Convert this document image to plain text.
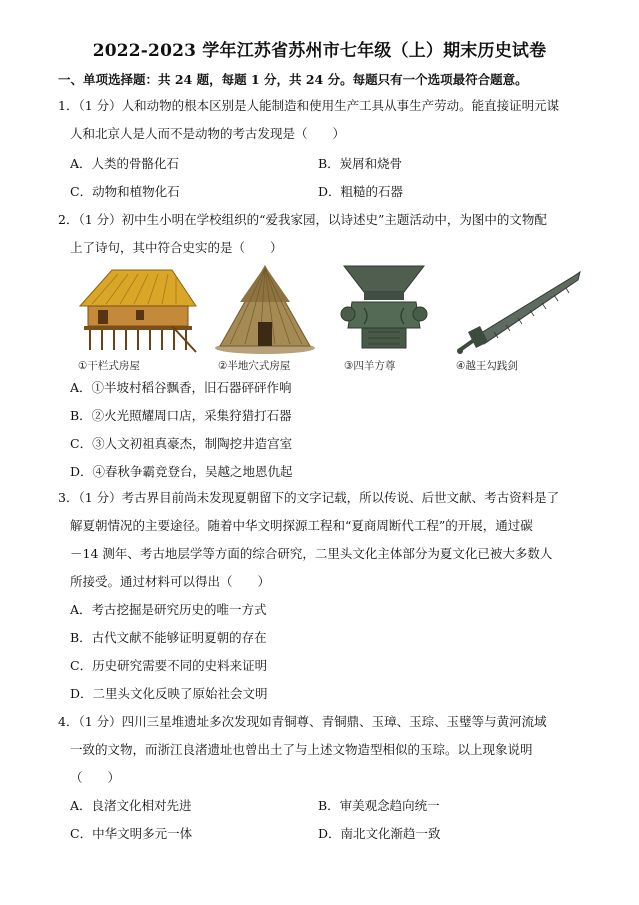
2022-2023 学年江苏省苏州市七年级（上）期末历史试卷
一、单项选择题：共 24 题，每题 1 分，共 24 分。每题只有一个选项最符合题意。
1．（1 分）人和动物的根本区别是人能制造和使用生产工具从事生产劳动。能直接证明元谋
人和北京人是人而不是动物的考古发现是（　　）
A．人类的骨骼化石	B．炭屑和烧骨
C．动物和植物化石	D．粗糙的石器
2．（1 分）初中生小明在学校组织的“爱我家园，以诗述史”主题活动中，为图中的文物配
上了诗句，其中符合史实的是（　　）
①干栏式房屋	②半地穴式房屋	③四羊方尊	④越王勾践剑
A．①半坡村稻谷飘香，旧石器砰砰作响
B．②火光照耀周口店，采集狩猎打石器
C．③人文初祖真豪杰，制陶挖井造宫室
D．④春秋争霸竞登台，吴越之地恩仇起
3．（1 分）考古界目前尚未发现夏朝留下的文字记载，所以传说、后世文献、考古资料是了
解夏朝情况的主要途径。随着中华文明探源工程和“夏商周断代工程”的开展，通过碳
－14 测年、考古地层学等方面的综合研究，二里头文化主体部分为夏文化已被大多数人
所接受。通过材料可以得出（　　）
A．考古挖掘是研究历史的唯一方式
B．古代文献不能够证明夏朝的存在
C．历史研究需要不同的史料来证明
D．二里头文化反映了原始社会文明
4．（1 分）四川三星堆遗址多次发现如青铜尊、青铜鼎、玉璋、玉琮、玉璧等与黄河流域
一致的文物，而浙江良渚遗址也曾出土了与上述文物造型相似的玉琮。以上现象说明
（　　）
A．良渚文化相对先进	B．审美观念趋向统一
C．中华文明多元一体	D．南北文化渐趋一致
